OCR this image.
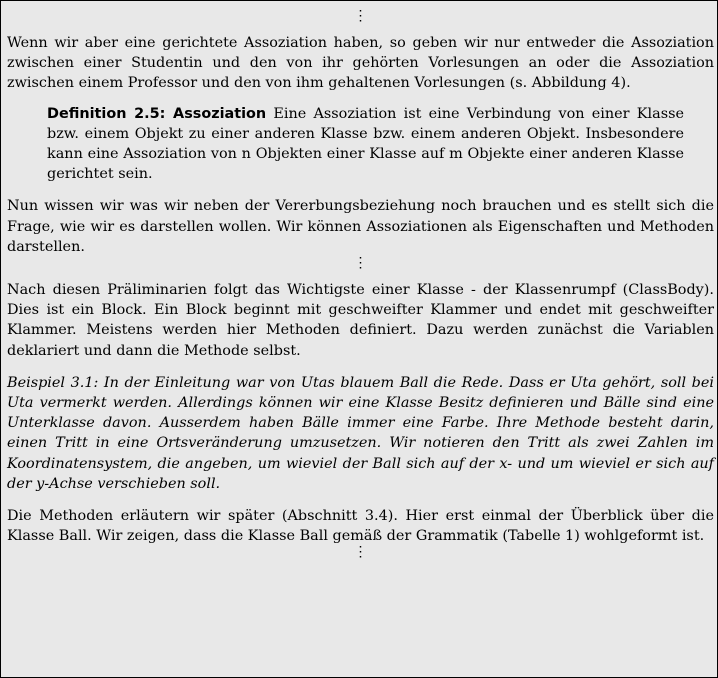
⋮

Wenn wir aber eine gerichtete Assoziation haben, so geben wir nur entweder die Assoziation zwischen einer Studentin und den von ihr gehörten Vorlesungen an oder die Assoziation zwischen einem Professor und den von ihm gehaltenen Vorlesungen (s. Abbildung 4).

Definition 2.5: Assoziation Eine Assoziation ist eine Verbindung von einer Klasse bzw. einem Objekt zu einer anderen Klasse bzw. einem anderen Objekt. Insbesondere kann eine Assoziation von n Objekten einer Klasse auf m Objekte einer anderen Klasse gerichtet sein.

Nun wissen wir was wir neben der Vererbungsbeziehung noch brauchen und es stellt sich die Frage, wie wir es darstellen wollen. Wir können Assoziationen als Eigenschaften und Methoden darstellen.

⋮

Nach diesen Präliminarien folgt das Wichtigste einer Klasse - der Klassenrumpf (ClassBody). Dies ist ein Block. Ein Block beginnt mit geschweifter Klammer und endet mit geschweifter Klammer. Meistens werden hier Methoden definiert. Dazu werden zunächst die Variablen deklariert und dann die Methode selbst.

Beispiel 3.1: In der Einleitung war von Utas blauem Ball die Rede. Dass er Uta gehört, soll bei Uta vermerkt werden. Allerdings können wir eine Klasse Besitz definieren und Bälle sind eine Unterklasse davon. Ausserdem haben Bälle immer eine Farbe. Ihre Methode besteht darin, einen Tritt in eine Ortsveränderung umzusetzen. Wir notieren den Tritt als zwei Zahlen im Koordinatensystem, die angeben, um wieviel der Ball sich auf der x- und um wieviel er sich auf der y-Achse verschieben soll.

Die Methoden erläutern wir später (Abschnitt 3.4). Hier erst einmal der Überblick über die Klasse Ball. Wir zeigen, dass die Klasse Ball gemäß der Grammatik (Tabelle 1) wohlgeformt ist.

⋮
